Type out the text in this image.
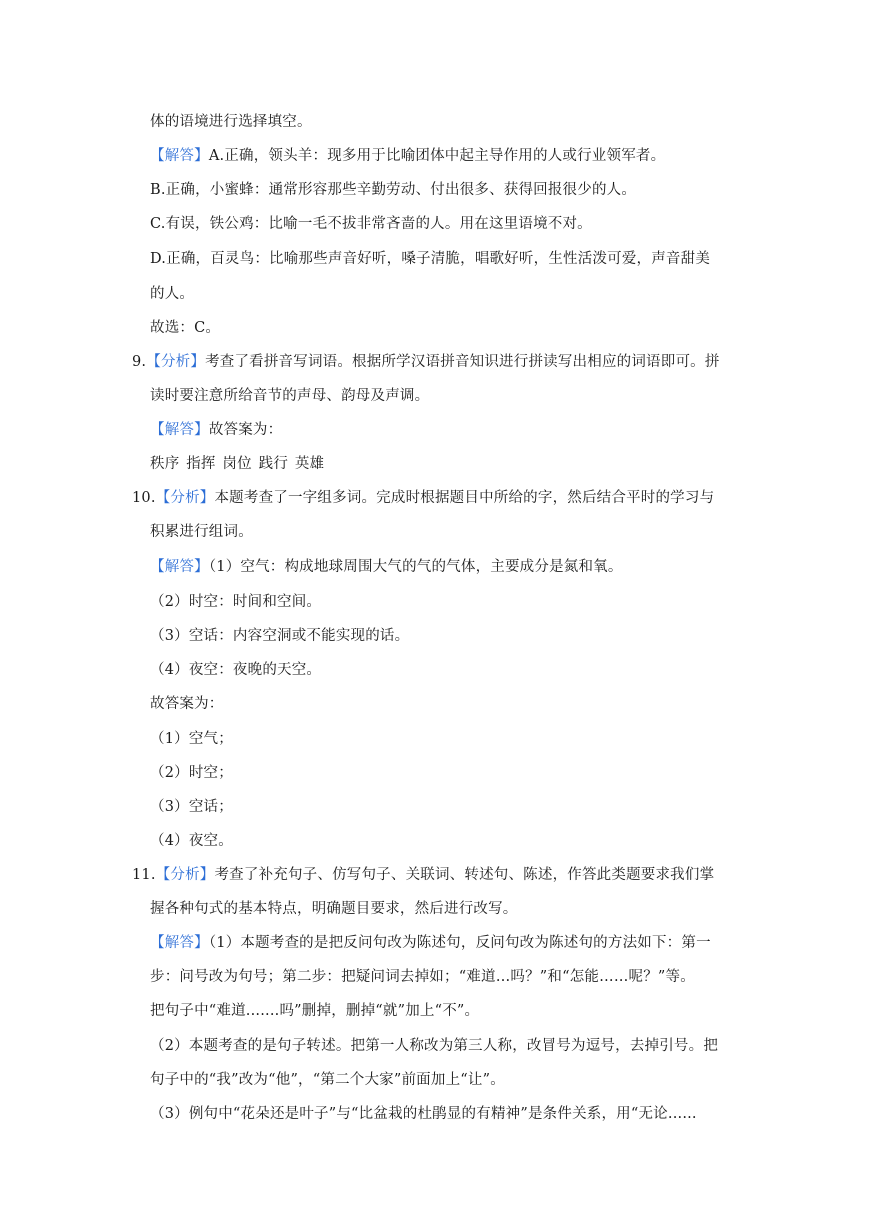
体的语境进行选择填空。
【解答】A.正确，领头羊：现多用于比喻团体中起主导作用的人或行业领军者。
B.正确，小蜜蜂：通常形容那些辛勤劳动、付出很多、获得回报很少的人。
C.有误，铁公鸡：比喻一毛不拔非常吝啬的人。用在这里语境不对。
D.正确，百灵鸟：比喻那些声音好听，嗓子清脆，唱歌好听，生性活泼可爱，声音甜美
的人。
故选：C。
9.【分析】考查了看拼音写词语。根据所学汉语拼音知识进行拼读写出相应的词语即可。拼
读时要注意所给音节的声母、韵母及声调。
【解答】故答案为：
秩序 指挥 岗位 践行 英雄
10.【分析】本题考查了一字组多词。完成时根据题目中所给的字，然后结合平时的学习与
积累进行组词。
【解答】（1）空气：构成地球周围大气的气的气体，主要成分是氮和氧。
（2）时空：时间和空间。
（3）空话：内容空洞或不能实现的话。
（4）夜空：夜晚的天空。
故答案为：
（1）空气；
（2）时空；
（3）空话；
（4）夜空。
11.【分析】考查了补充句子、仿写句子、关联词、转述句、陈述，作答此类题要求我们掌
握各种句式的基本特点，明确题目要求，然后进行改写。
【解答】（1）本题考查的是把反问句改为陈述句，反问句改为陈述句的方法如下：第一
步：问号改为句号；第二步：把疑问词去掉如；“难道…吗？”和“怎能……呢？”等。
把句子中“难道.......吗”删掉，删掉“就”加上“不”。
（2）本题考查的是句子转述。把第一人称改为第三人称，改冒号为逗号，去掉引号。把
句子中的“我”改为“他”，“第二个大家”前面加上“让”。
（3）例句中“花朵还是叶子”与“比盆栽的杜鹃显的有精神”是条件关系，用“无论......
